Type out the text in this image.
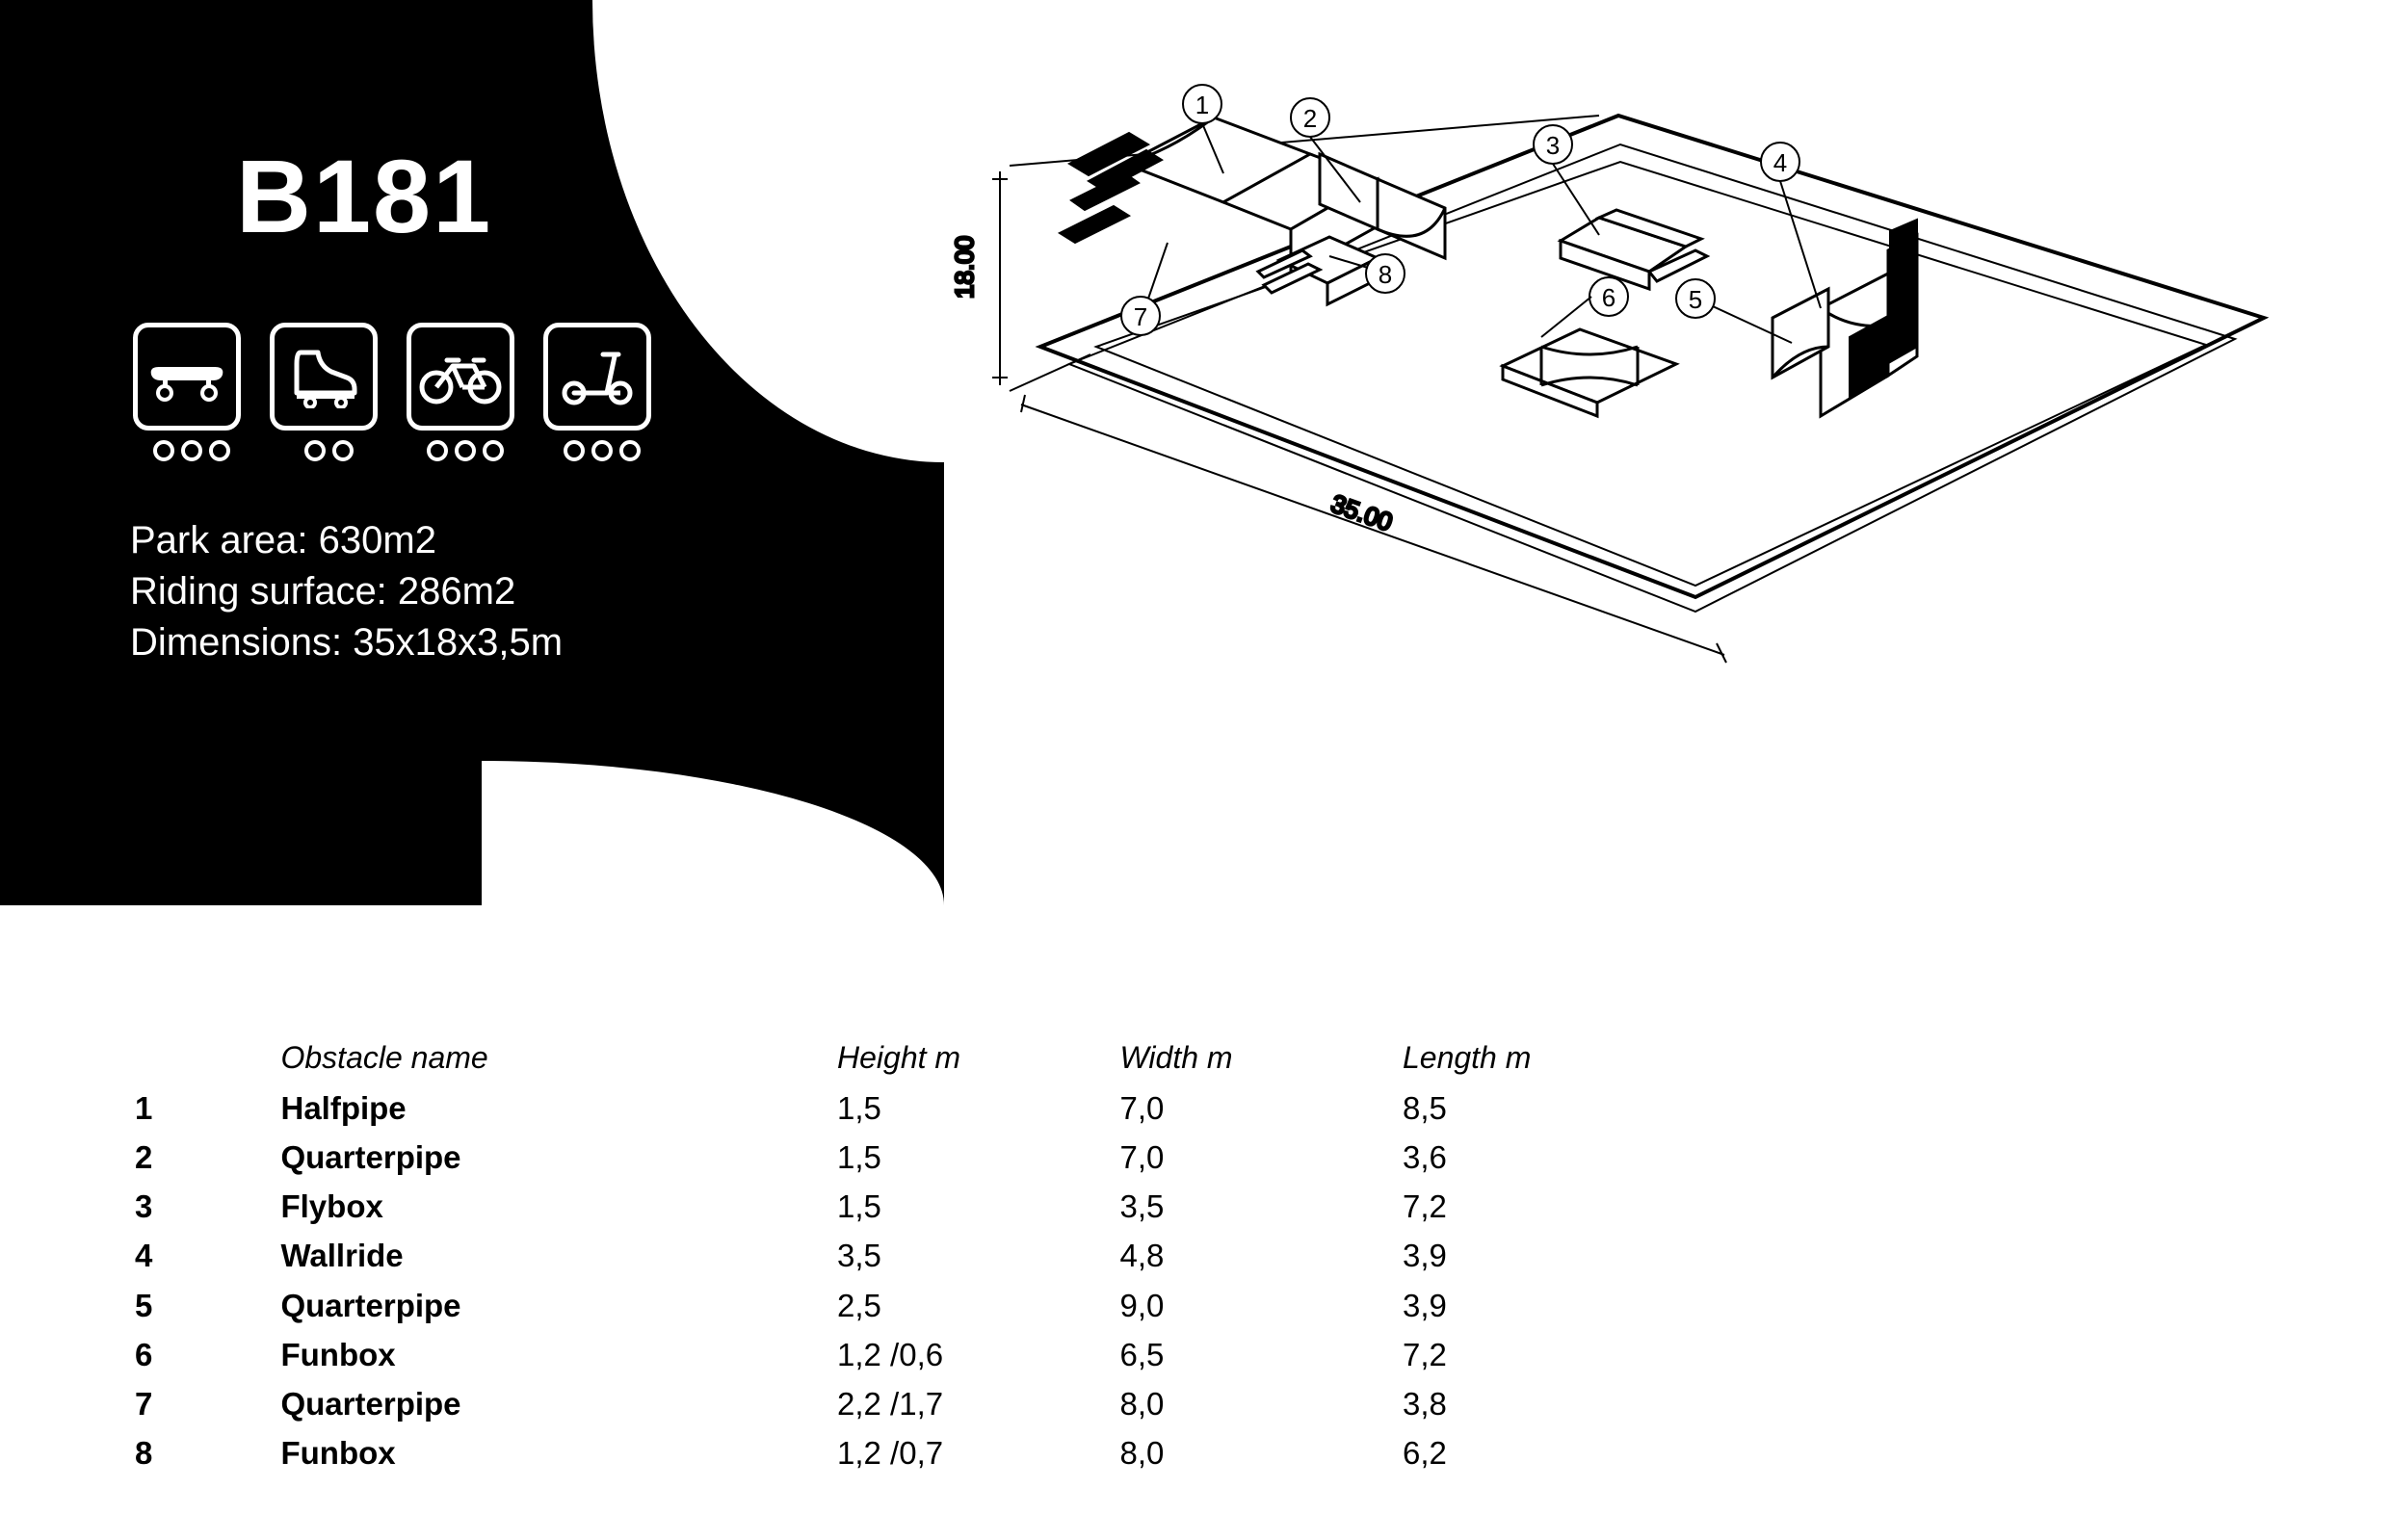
B181
Park area: 630m2
Riding surface: 286m2
Dimensions: 35x18x3,5m
18.00
35.00
1	2
3
4
5
6
7
8
Obstacle name	Height m	Width m	Length m
1	Halfpipe	1,5	7,0	8,5
2	Quarterpipe	1,5	7,0	3,6
3	Flybox	1,5	3,5	7,2
4	Wallride	3,5	4,8	3,9
5	Quarterpipe	2,5	9,0	3,9
6	Funbox	1,2 /0,6	6,5	7,2
7	Quarterpipe	2,2 /1,7	8,0	3,8
8	Funbox	1,2 /0,7	8,0	6,2
